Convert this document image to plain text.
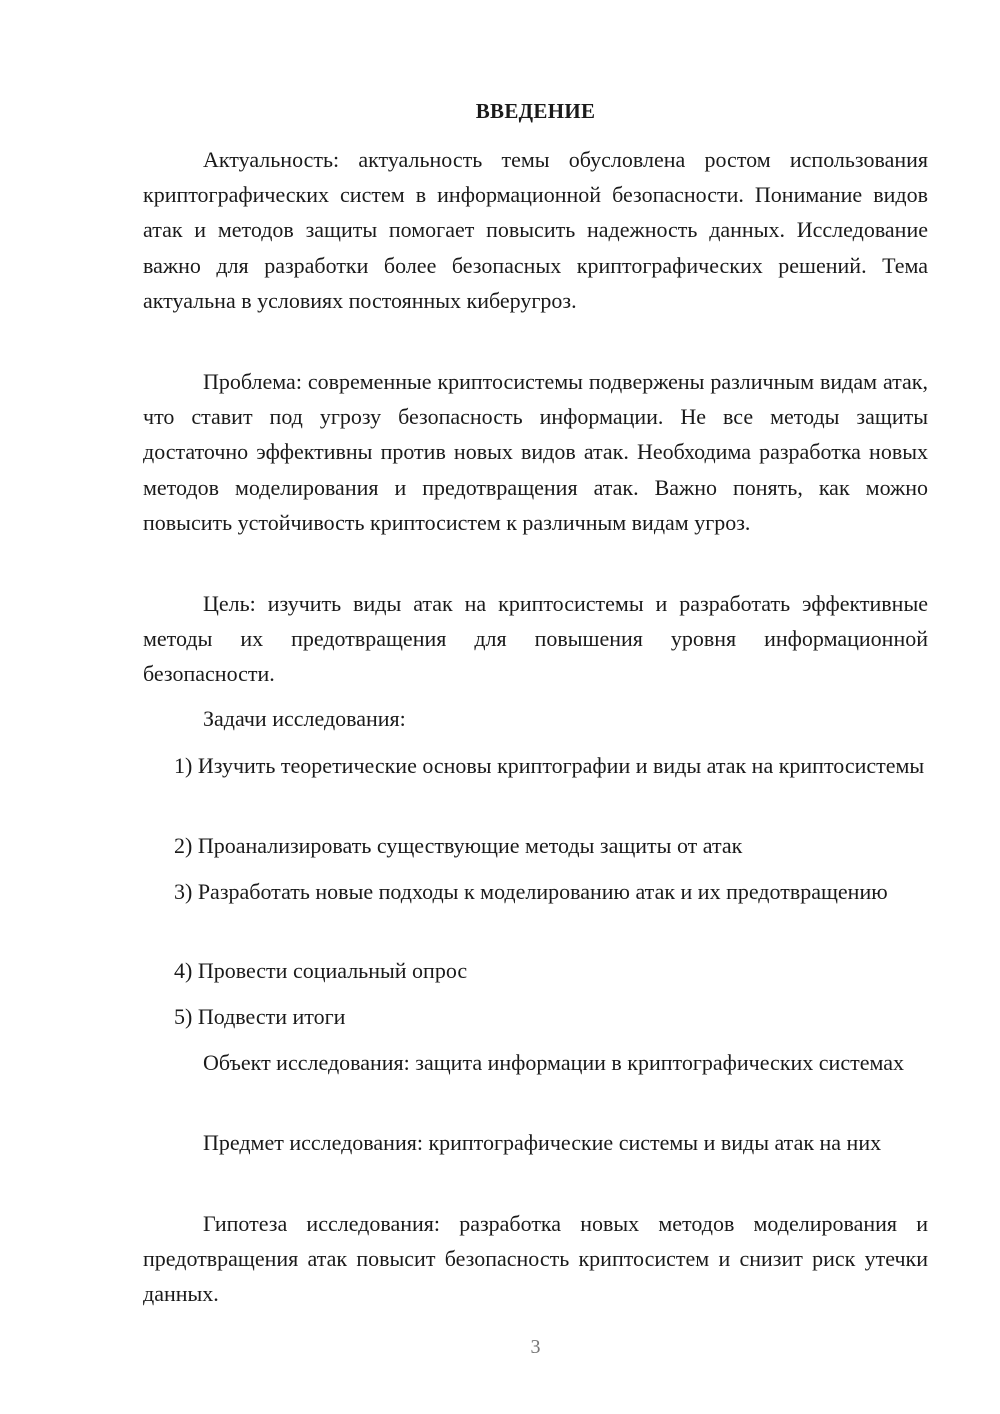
ВВЕДЕНИЕ

Актуальность: актуальность темы обусловлена ростом использования криптографических систем в информационной безопасности. Понимание видов атак и методов защиты помогает повысить надежность данных. Исследование важно для разработки более безопасных криптографических решений. Тема актуальна в условиях постоянных киберугроз.

Проблема: современные криптосистемы подвержены различным видам атак, что ставит под угрозу безопасность информации. Не все методы защиты достаточно эффективны против новых видов атак. Необходима разработка новых методов моделирования и предотвращения атак. Важно понять, как можно повысить устойчивость криптосистем к различным видам угроз.

Цель: изучить виды атак на криптосистемы и разработать эффективные методы их предотвращения для повышения уровня информационной безопасности.

Задачи исследования:

1) Изучить теоретические основы криптографии и виды атак на криптосистемы

2) Проанализировать существующие методы защиты от атак

3) Разработать новые подходы к моделированию атак и их предотвращению

4) Провести социальный опрос

5) Подвести итоги

Объект исследования: защита информации в криптографических системах

Предмет исследования: криптографические системы и виды атак на них

Гипотеза исследования: разработка новых методов моделирования и предотвращения атак повысит безопасность криптосистем и снизит риск утечки данных.

3
